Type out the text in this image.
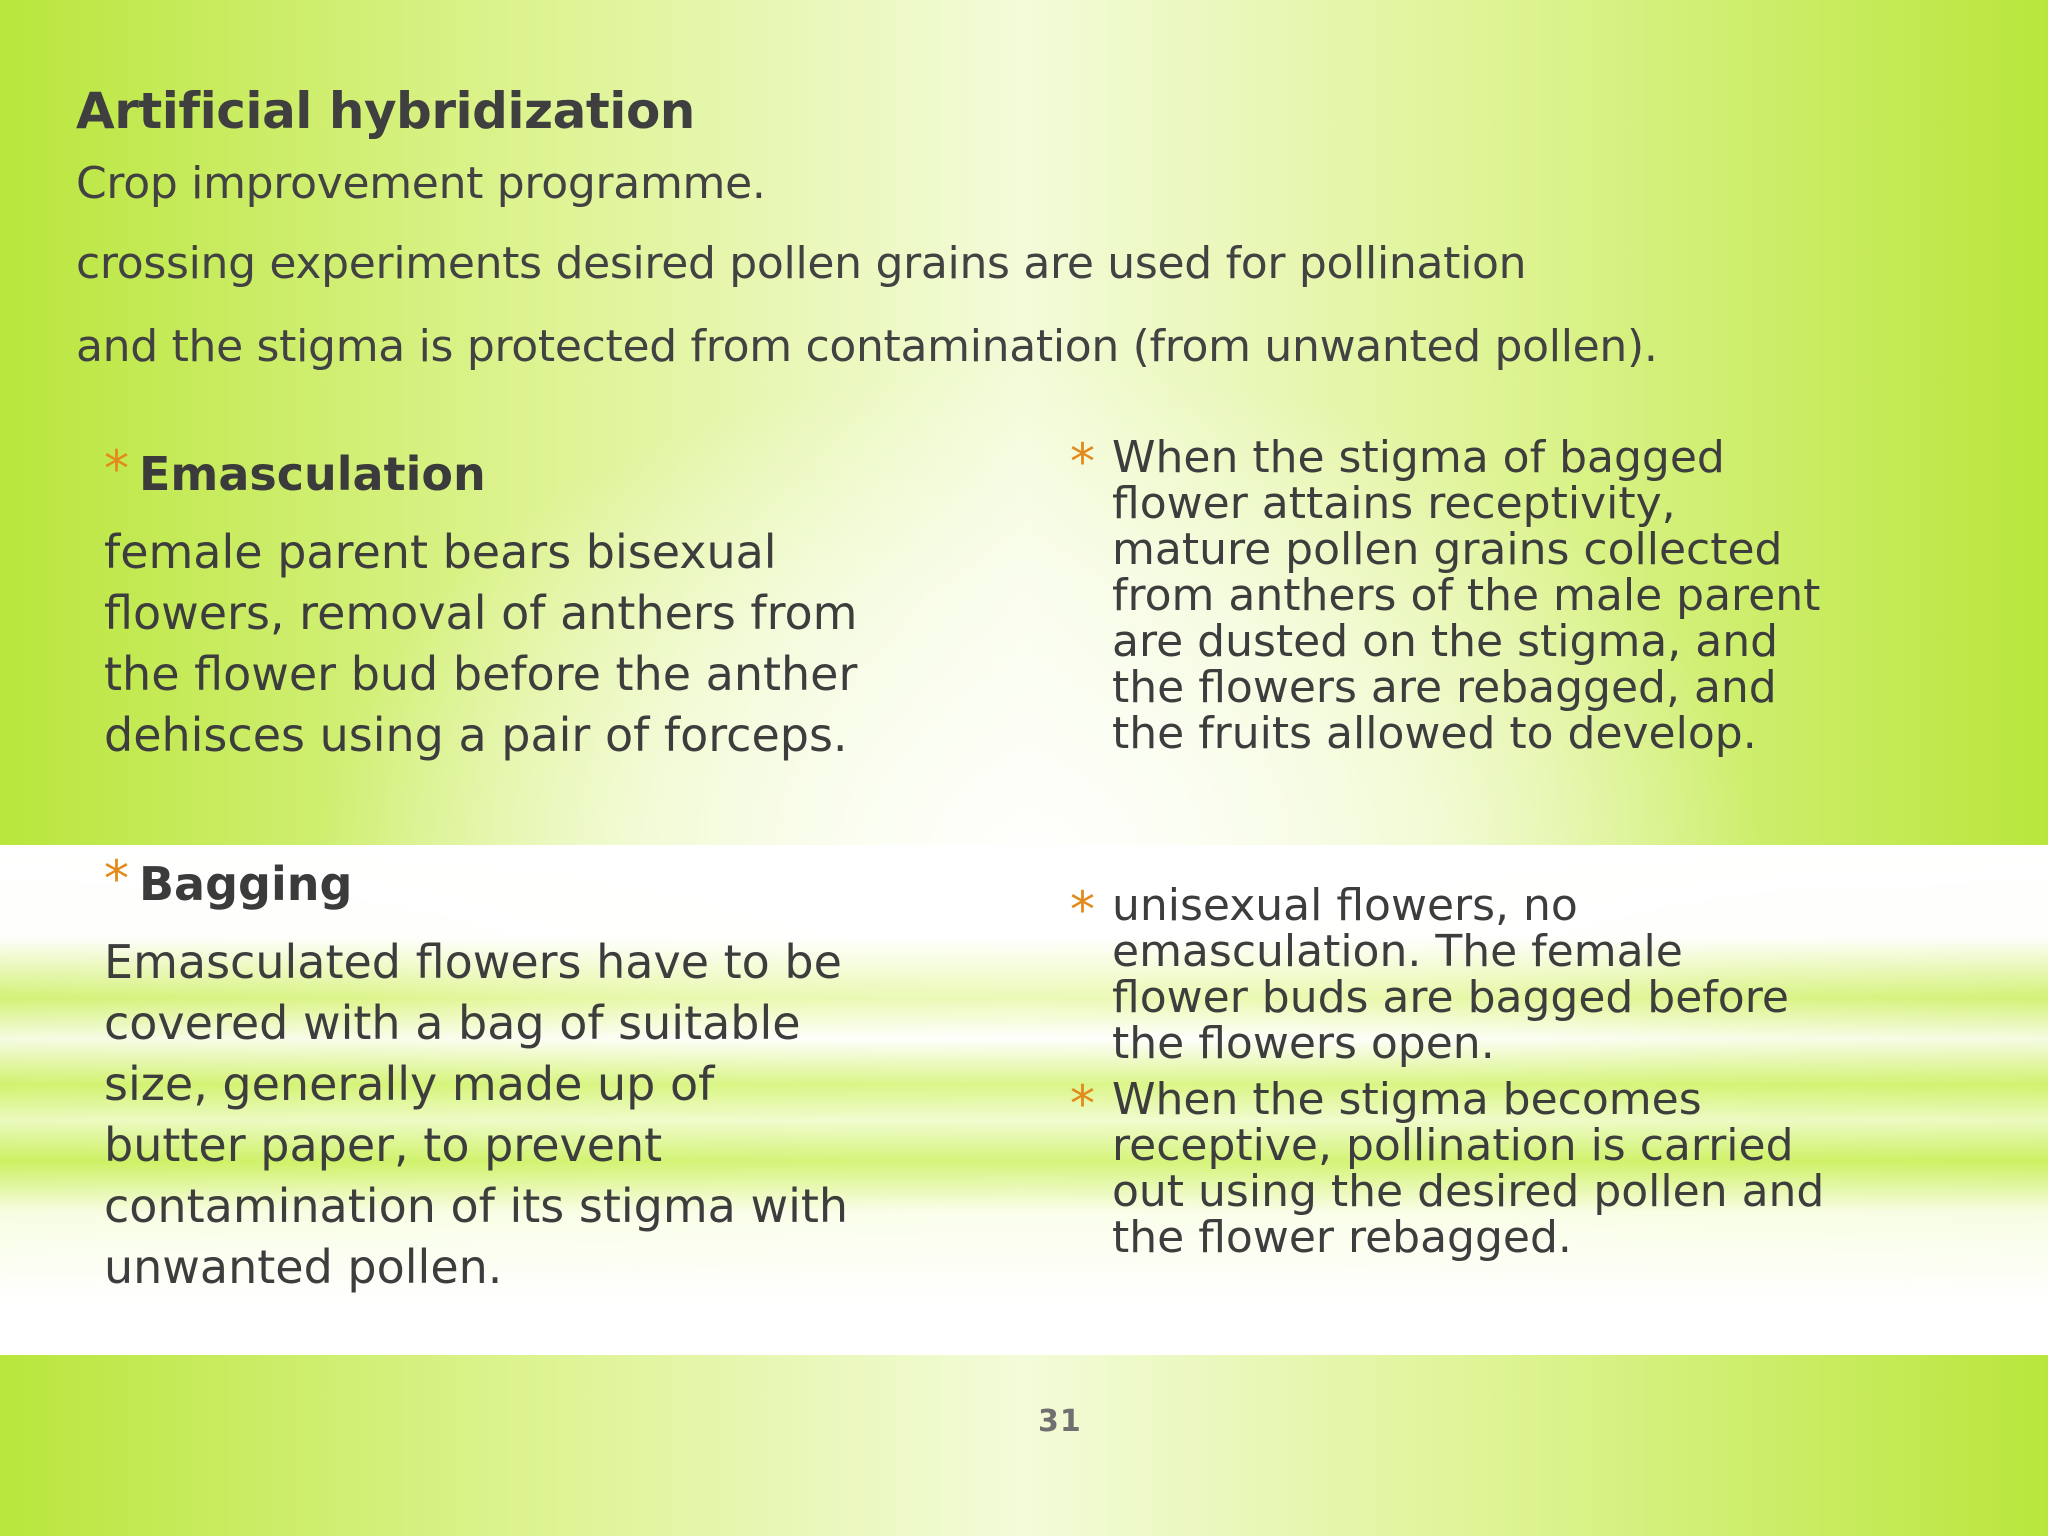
Artificial hybridization

Crop improvement programme.

crossing experiments desired pollen grains are used for pollination

and the stigma is protected from contamination (from unwanted pollen).

* Emasculation
female parent bears bisexual flowers, removal of anthers from the flower bud before the anther dehisces using a pair of forceps.
* Bagging
Emasculated flowers have to be covered with a bag of suitable size, generally made up of butter paper, to prevent contamination of its stigma with unwanted pollen.
* When the stigma of bagged flower attains receptivity, mature pollen grains collected from anthers of the male parent are dusted on the stigma, and the flowers are rebagged, and the fruits allowed to develop.
* unisexual flowers, no emasculation. The female flower buds are bagged before the flowers open.
* When the stigma becomes receptive, pollination is carried out using the desired pollen and the flower rebagged.
31
